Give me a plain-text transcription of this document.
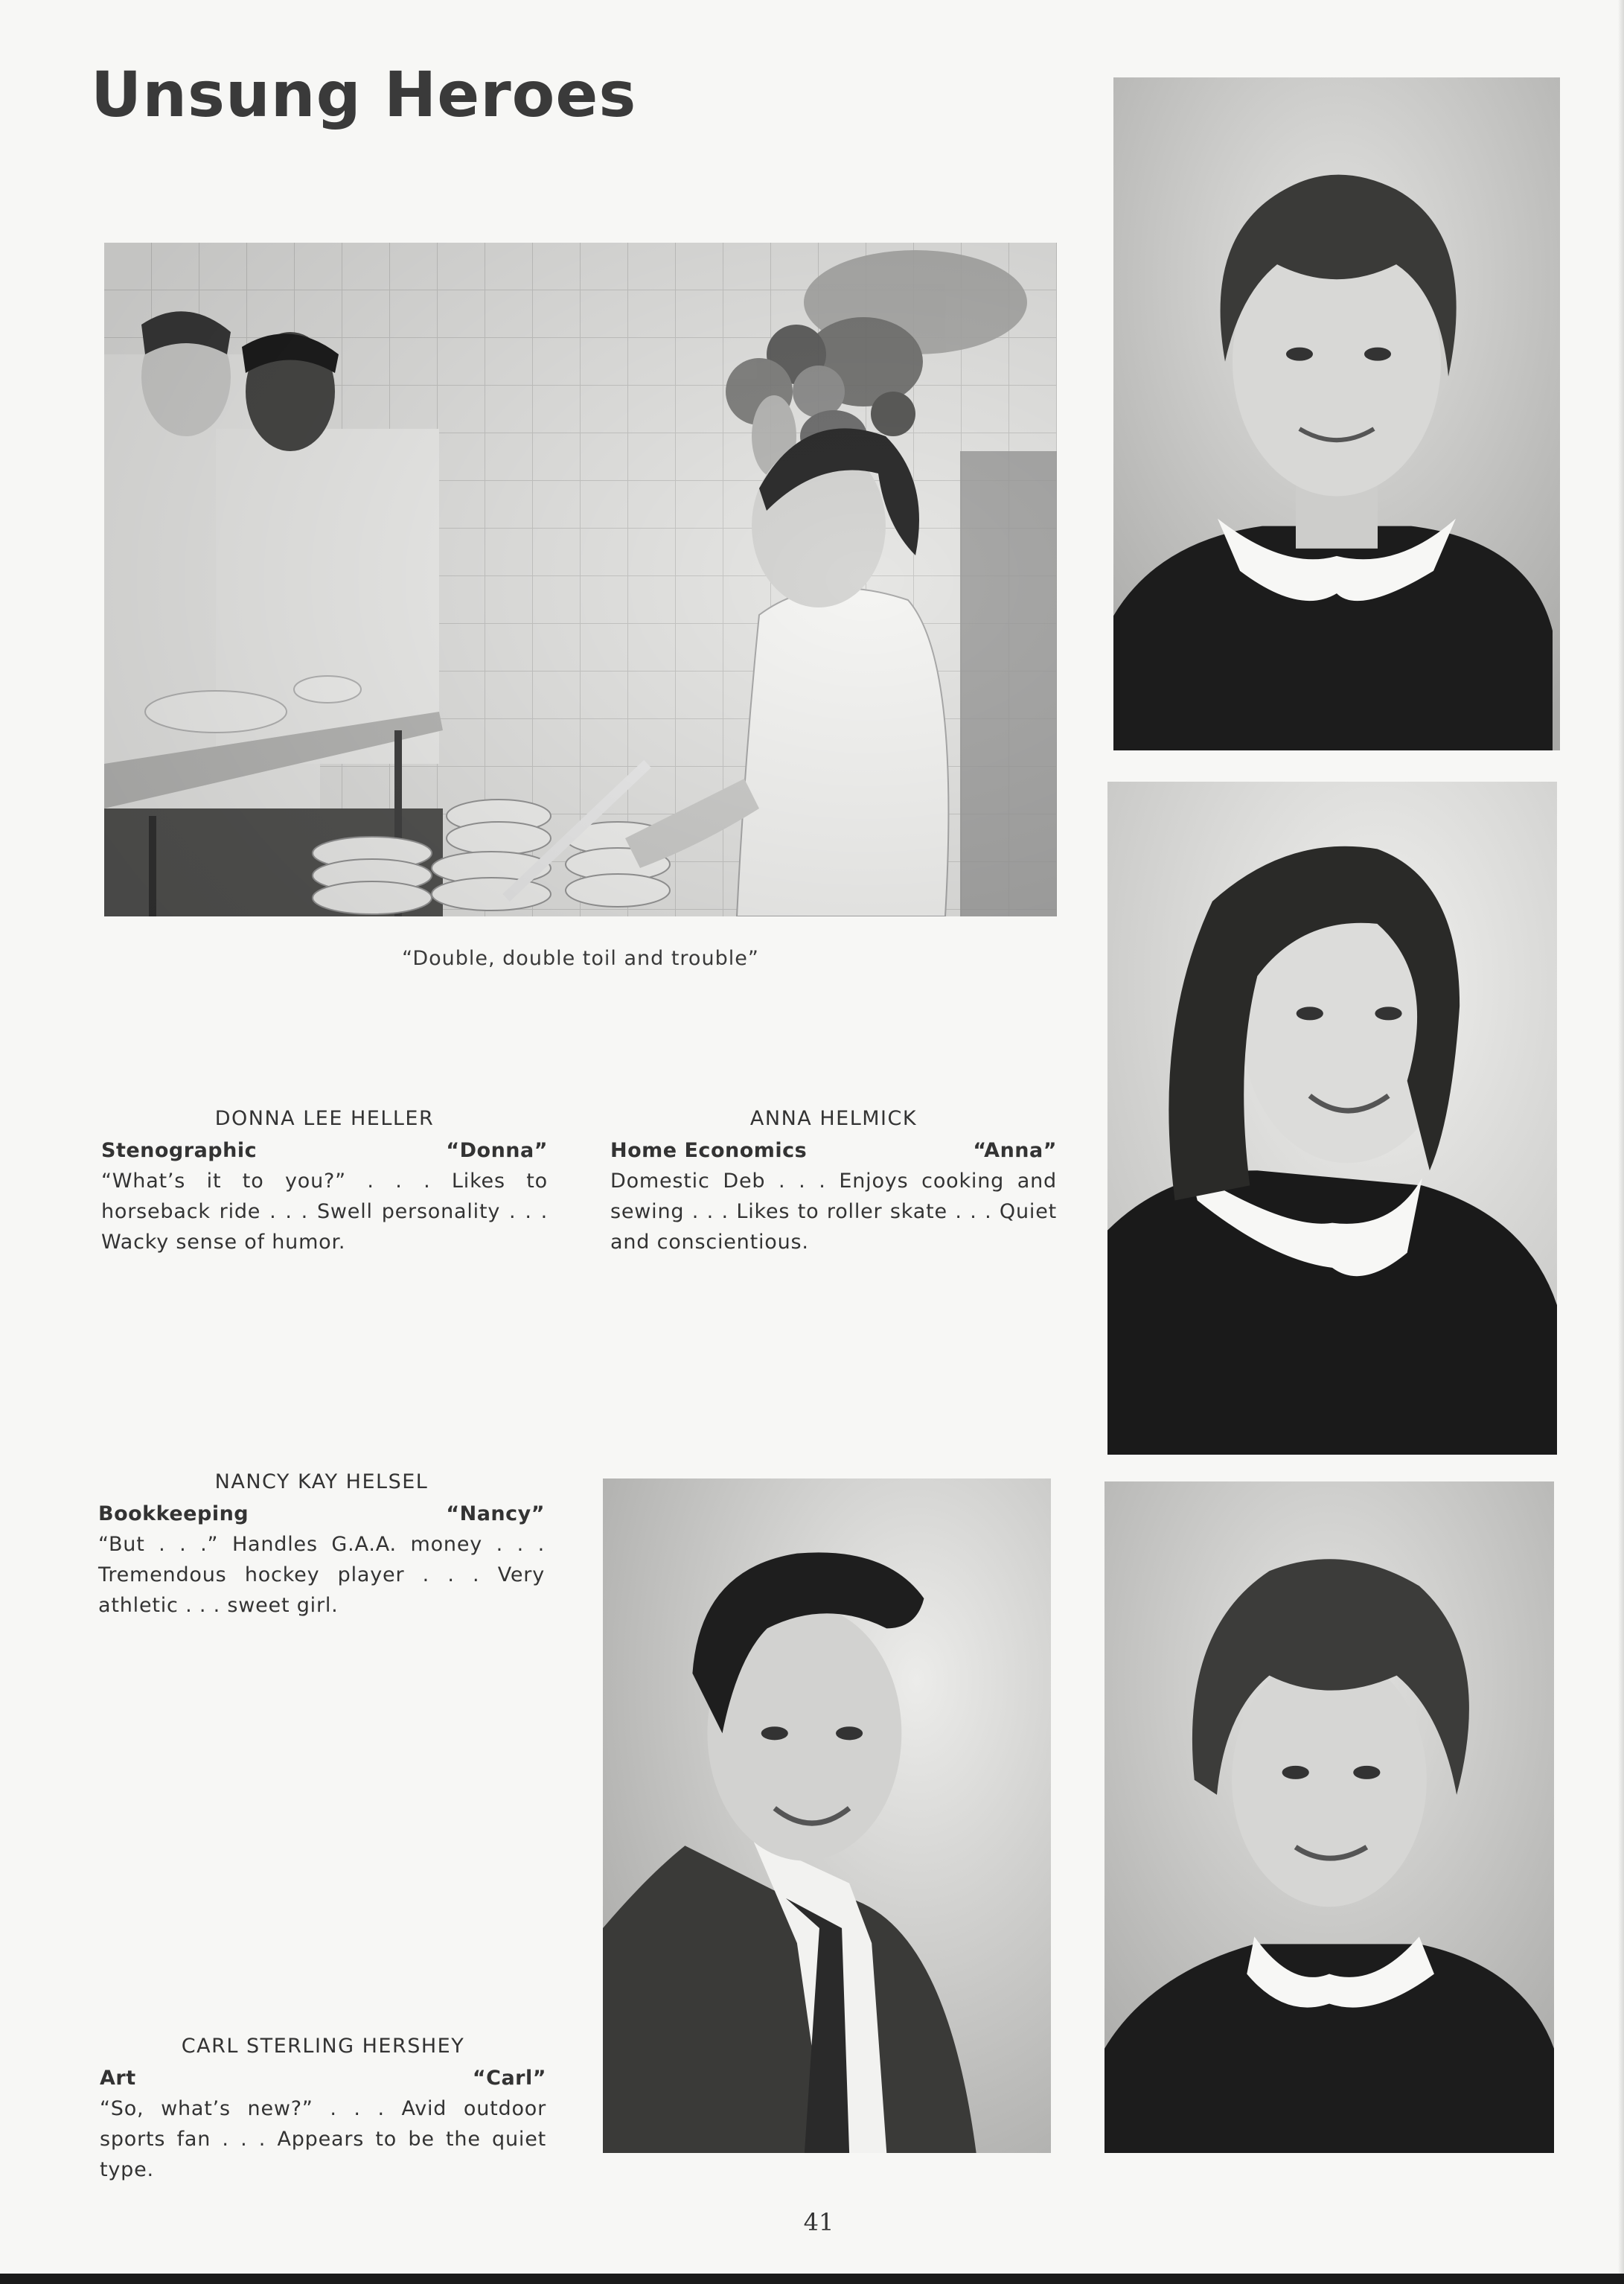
Unsung Heroes
“Double, double toil and trouble”
DONNA LEE HELLER
Stenographic	“Donna”
“What’s it to you?” . . . Likes to horseback ride . . . Swell personality . . . Wacky sense of humor.
ANNA HELMICK
Home Economics	“Anna”
Domestic Deb . . . Enjoys cooking and sewing . . . Likes to roller skate . . . Quiet and conscientious.
NANCY KAY HELSEL
Bookkeeping	“Nancy”
“But . . .” Handles G.A.A. money . . . Tremendous hockey player . . . Very athletic . . . sweet girl.
CARL STERLING HERSHEY
Art	“Carl”
“So, what’s new?” . . . Avid outdoor sports fan . . . Appears to be the quiet type.
41
